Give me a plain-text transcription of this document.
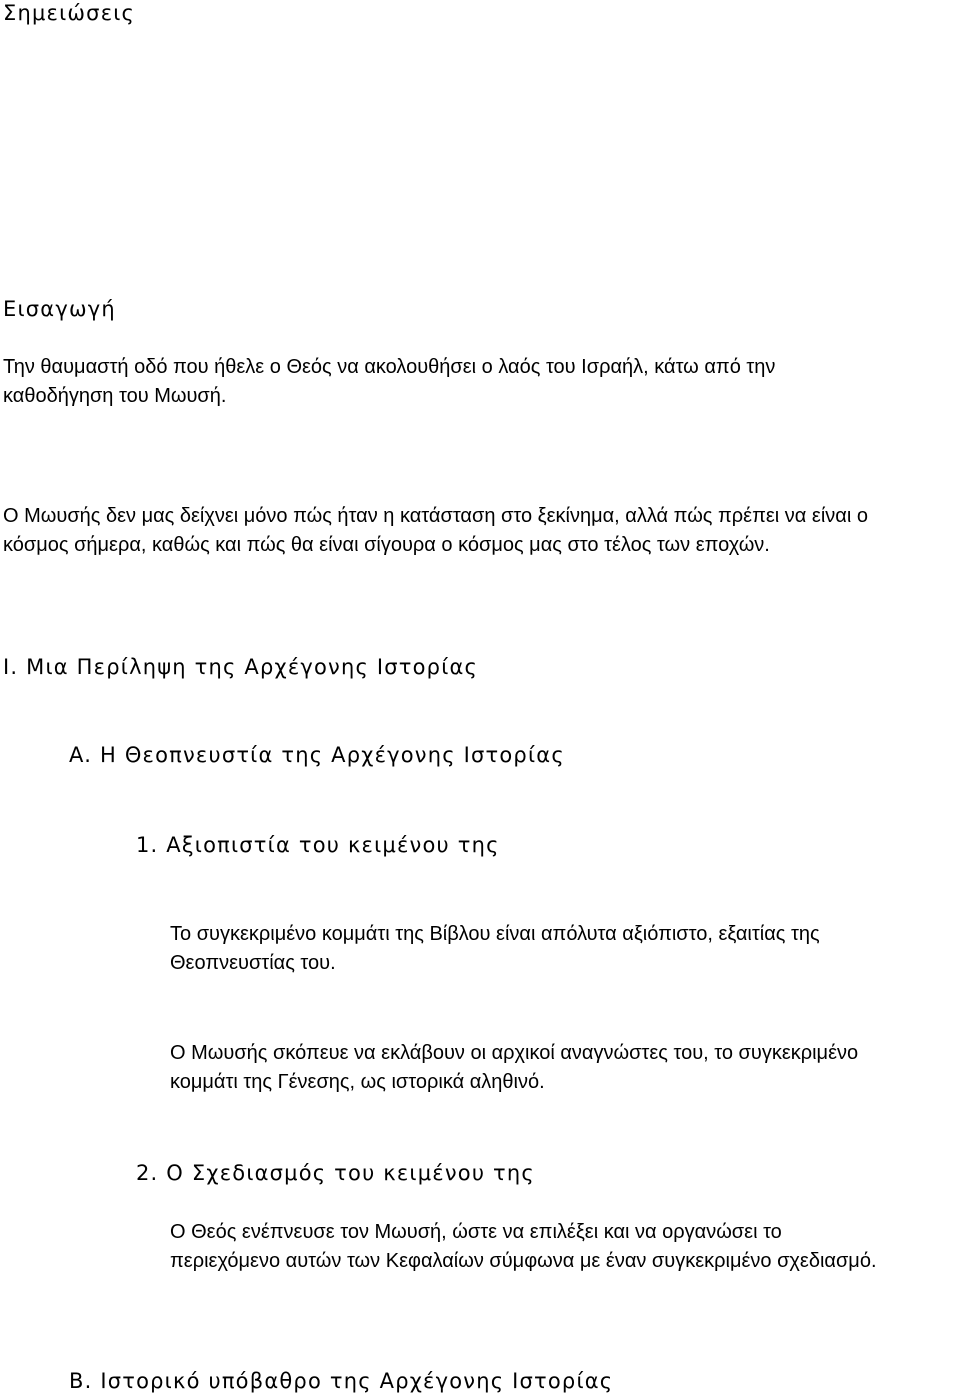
Σημειώσεις

Εισαγωγή

Την θαυμαστή οδό που ήθελε ο Θεός να ακολουθήσει ο λαός του Ισραήλ, κάτω από την

καθοδήγηση του Μωυσή.

Ο Μωυσής δεν μας δείχνει μόνο πώς ήταν η κατάσταση στο ξεκίνημα, αλλά πώς πρέπει να είναι ο

κόσμος σήμερα, καθώς και πώς θα είναι σίγουρα ο κόσμος μας στο τέλος των εποχών.

I. Μια Περίληψη της Αρχέγονης Ιστορίας

A. Η Θεοπνευστία της Αρχέγονης Ιστορίας

1. Αξιοπιστία του κειμένου της

Το συγκεκριμένο κομμάτι της Βίβλου είναι απόλυτα αξιόπιστο, εξαιτίας της

Θεοπνευστίας του.

Ο Μωυσής σκόπευε να εκλάβουν οι αρχικοί αναγνώστες του, το συγκεκριμένο

κομμάτι της Γένεσης, ως ιστορικά αληθινό.

2. Ο Σχεδιασμός του κειμένου της

Ο Θεός ενέπνευσε τον Μωυσή, ώστε να επιλέξει και να οργανώσει το

περιεχόμενο αυτών των Κεφαλαίων σύμφωνα με έναν συγκεκριμένο σχεδιασμό.

B. Ιστορικό υπόβαθρο της Αρχέγονης Ιστορίας
